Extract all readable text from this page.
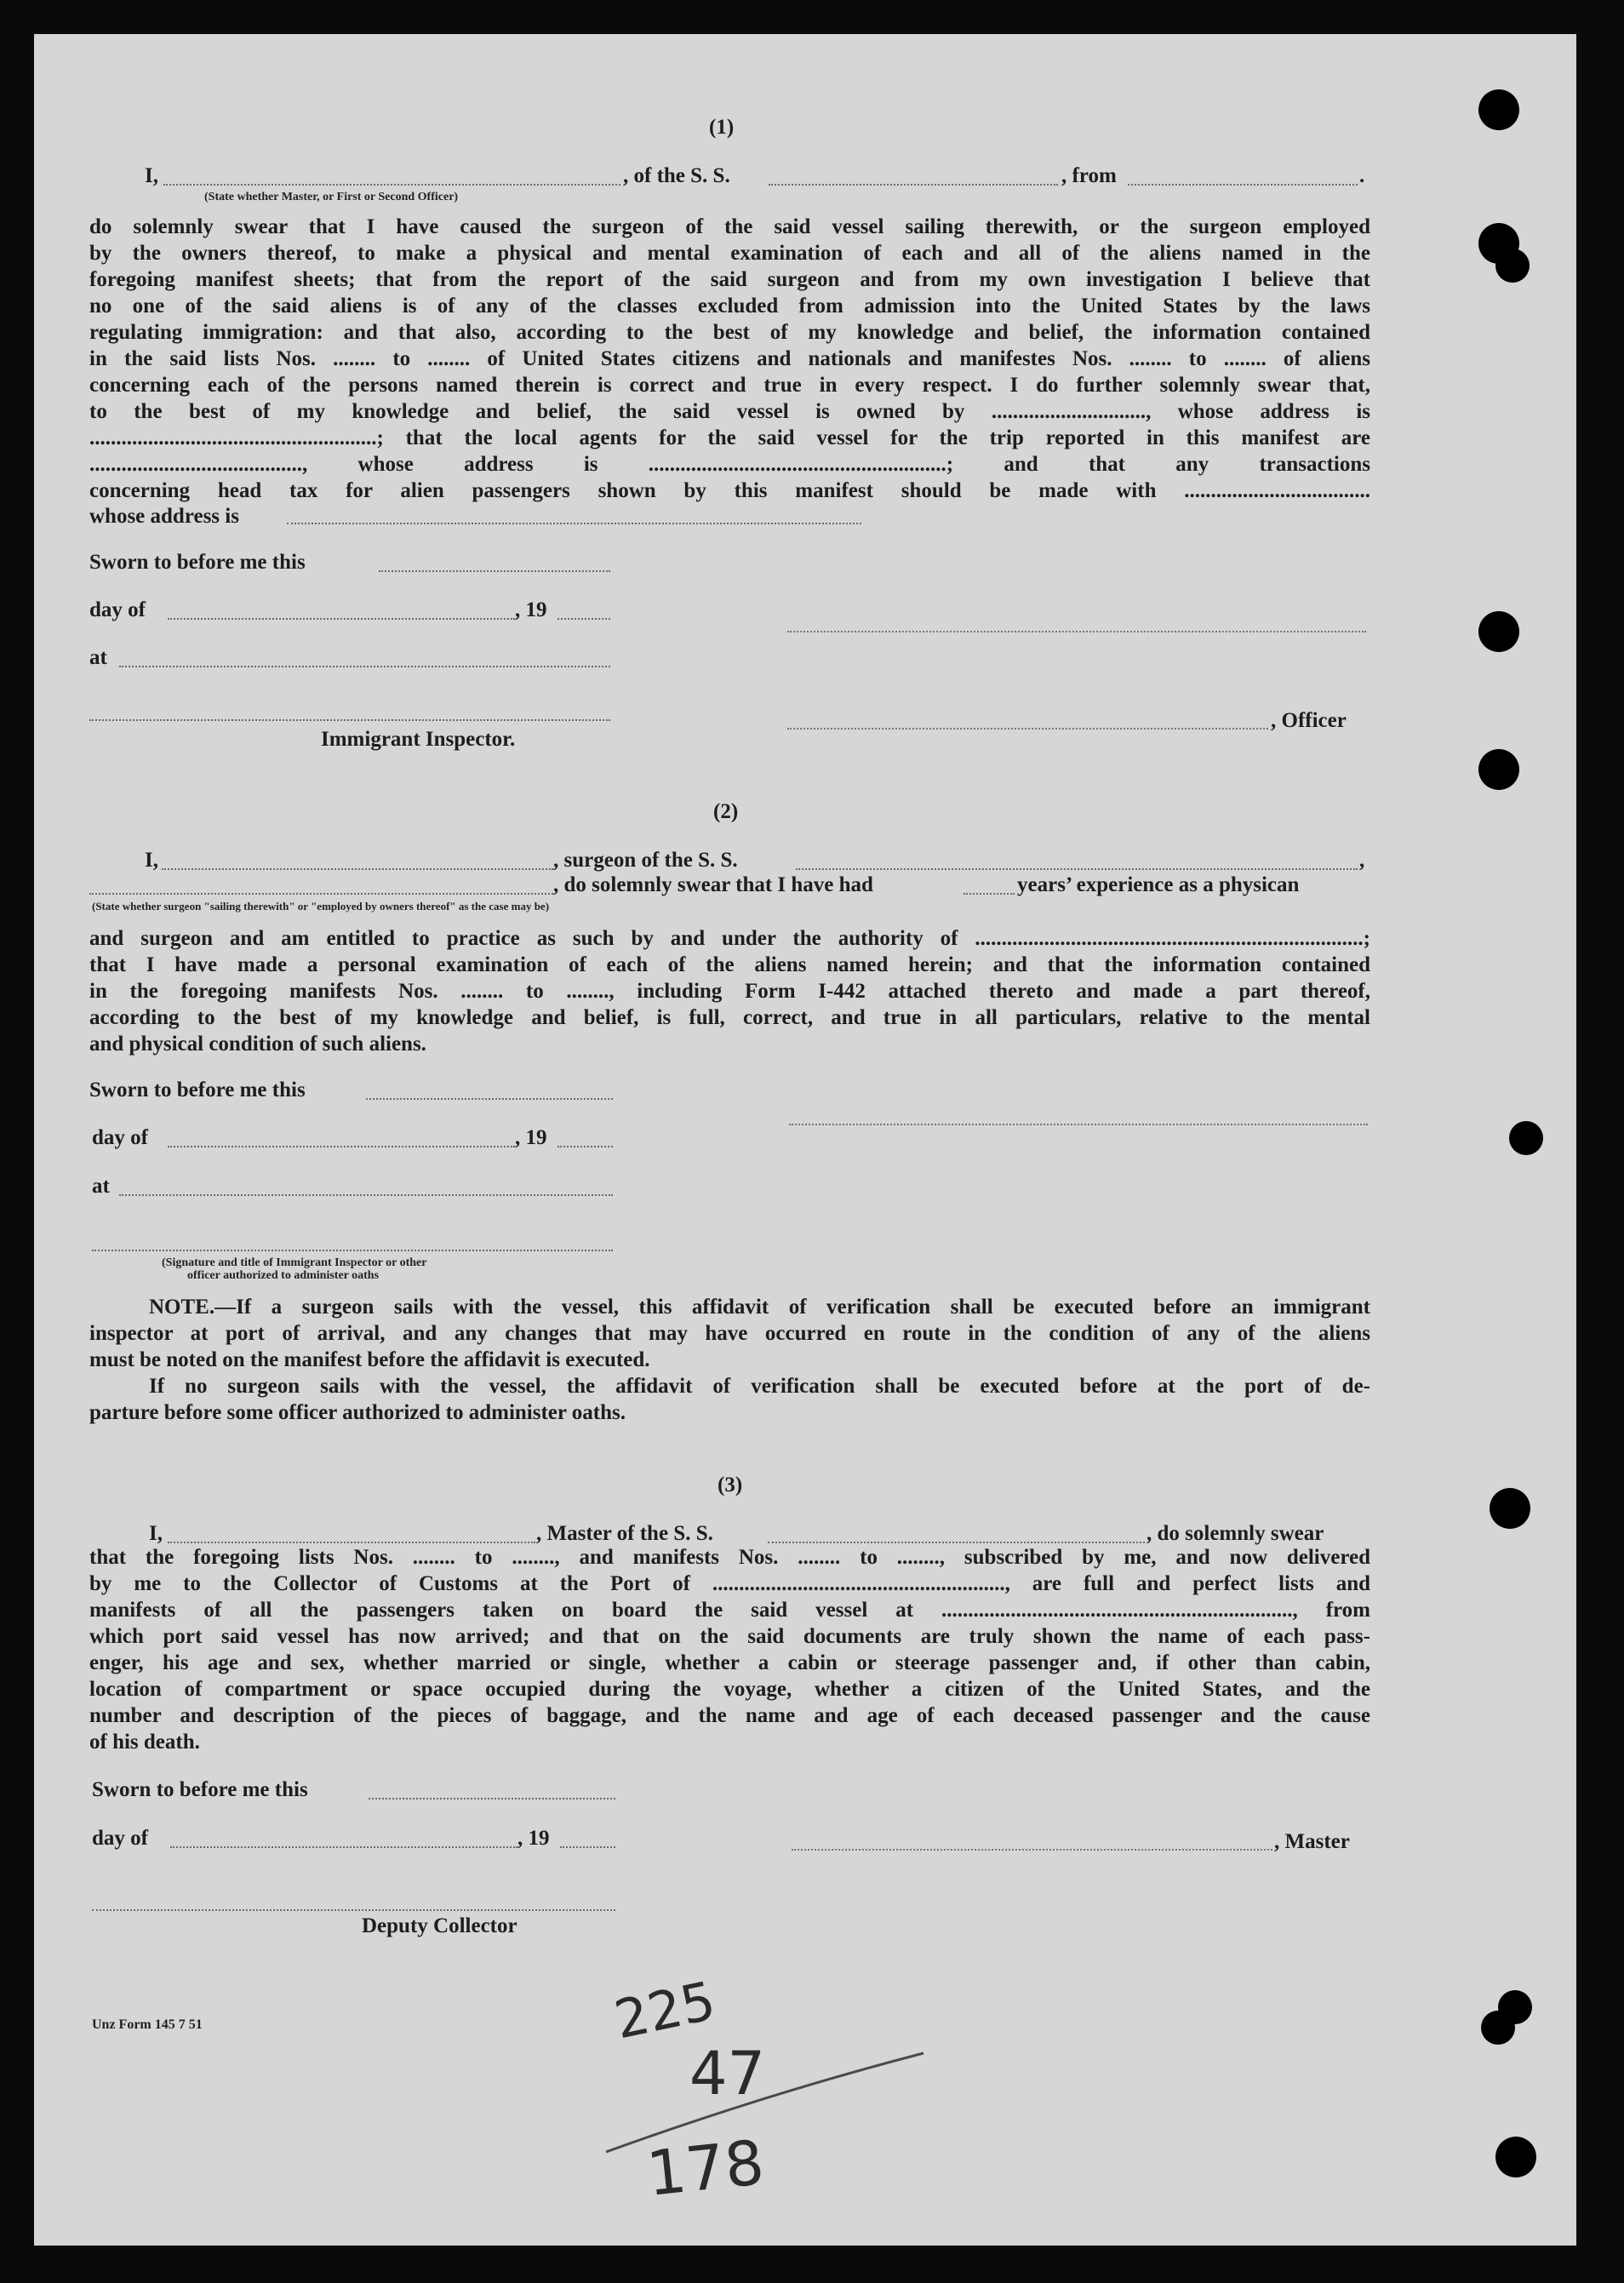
(1)
I,	, of the S. S.	, from	.
(State whether Master, or First or Second Officer)
do solemnly swear that I have caused the surgeon of the said vessel sailing therewith, or the surgeon employed
by the owners thereof, to make a physical and mental examination of each and all of the aliens named in the
foregoing manifest sheets; that from the report of the said surgeon and from my own investigation I believe that
no one of the said aliens is of any of the classes excluded from admission into the United States by the laws
regulating immigration: and that also, according to the best of my knowledge and belief, the information contained
in the said lists Nos. ........ to ........ of United States citizens and nationals and manifestes Nos. ........ to ........ of aliens
concerning each of the persons named therein is correct and true in every respect. I do further solemnly swear that,
to the best of my knowledge and belief, the said vessel is owned by ............................., whose address is
......................................................; that the local agents for the said vessel for the trip reported in this manifest are
........................................, whose address is ........................................................; and that any transactions
concerning head tax for alien passengers shown by this manifest should be made with ...................................
whose address is
Sworn to before me this
day of	, 19
at
, Officer
Immigrant Inspector.
(2)
I,	, surgeon of the S. S.	,
, do solemnly swear that I have had	years’ experience as a physican
(State whether surgeon "sailing therewith" or "employed by owners thereof" as the case may be)
and surgeon and am entitled to practice as such by and under the authority of .........................................................................;
that I have made a personal examination of each of the aliens named herein; and that the information contained
in the foregoing manifests Nos. ........ to ........, including Form I-442 attached thereto and made a part thereof,
according to the best of my knowledge and belief, is full, correct, and true in all particulars, relative to the mental
and physical condition of such aliens.
Sworn to before me this
day of	, 19
at
(Signature and title of Immigrant Inspector or other
officer authorized to administer oaths
NOTE.—If a surgeon sails with the vessel, this affidavit of verification shall be executed before an immigrant
inspector at port of arrival, and any changes that may have occurred en route in the condition of any of the aliens
must be noted on the manifest before the affidavit is executed.
If no surgeon sails with the vessel, the affidavit of verification shall be executed before at the port of de-
parture before some officer authorized to administer oaths.
(3)
I,	, Master of the S. S.	, do solemnly swear
that the foregoing lists Nos. ........ to ........, and manifests Nos. ........ to ........, subscribed by me, and now delivered
by me to the Collector of Customs at the Port of ......................................................., are full and perfect lists and
manifests of all the passengers taken on board the said vessel at .................................................................., from
which port said vessel has now arrived; and that on the said documents are truly shown the name of each pass-
enger, his age and sex, whether married or single, whether a cabin or steerage passenger and, if other than cabin,
location of compartment or space occupied during the voyage, whether a citizen of the United States, and the
number and description of the pieces of baggage, and the name and age of each deceased passenger and the cause
of his death.
Sworn to before me this
day of	, 19	, Master
Deputy Collector
Unz Form 145 7 51	225
47
178
